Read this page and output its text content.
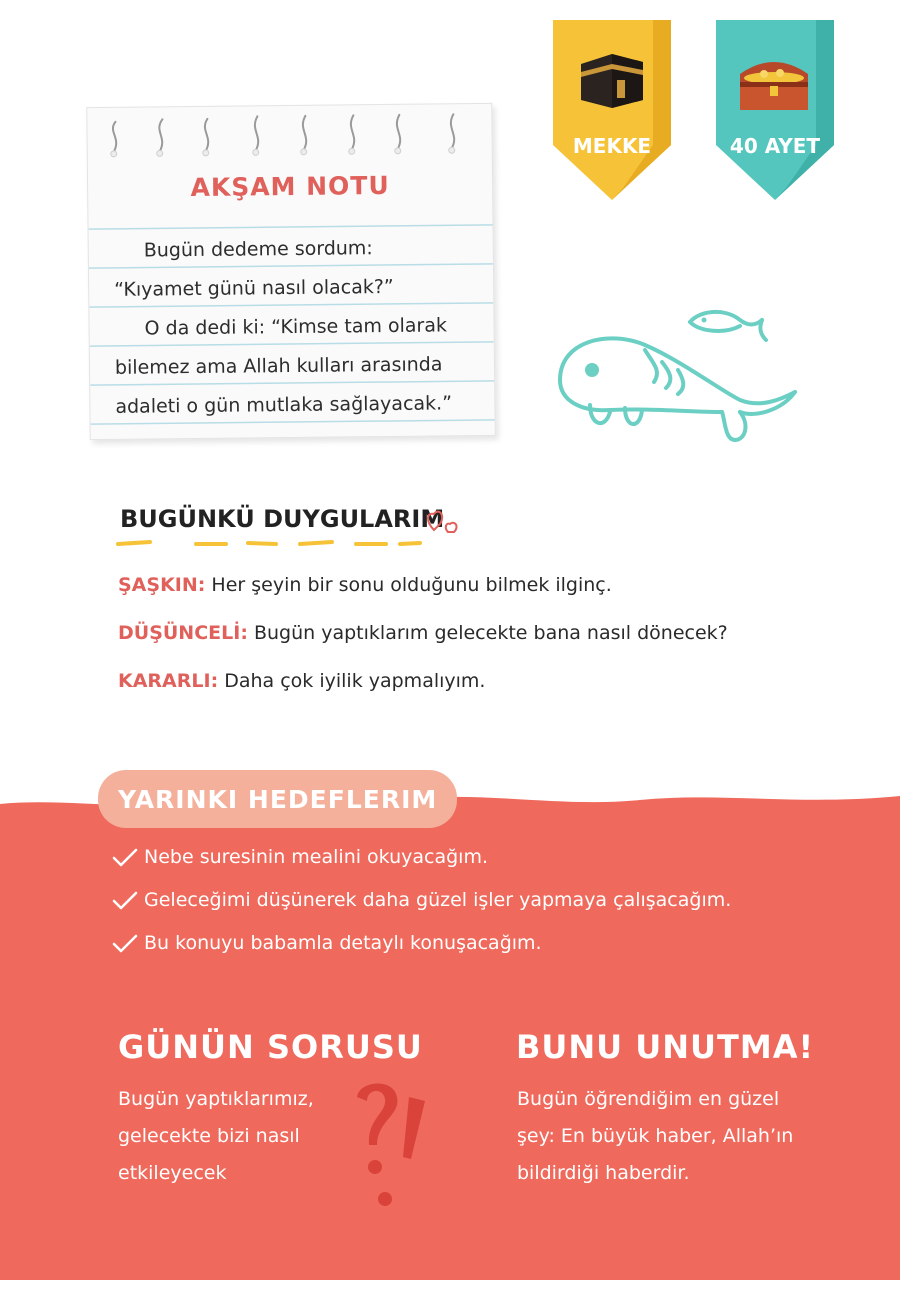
AKŞAM NOTU

Bugün dedeme sordum: “Kıyamet günü nasıl olacak?”

O da dedi ki: “Kimse tam olarak bilemez ama Allah kulları arasında adaleti o gün mutlaka sağlayacak.”

MEKKE	40 AYET
BUGÜNKÜ DUYGULARIM
ŞAŞKIN: Her şeyin bir sonu olduğunu bilmek ilginç.
DÜŞÜNCELİ: Bugün yaptıklarım gelecekte bana nasıl dönecek?
KARARLI: Daha çok iyilik yapmalıyım.
YARINKI HEDEFLERIM
Nebe suresinin mealini okuyacağım.
Geleceğimi düşünerek daha güzel işler yapmaya çalışacağım.
Bu konuyu babamla detaylı konuşacağım.
GÜNÜN SORUSU
Bugün yaptıklarımız,
gelecekte bizi nasıl
etkileyecek
BUNU UNUTMA!
Bugün öğrendiğim en güzel
şey: En büyük haber, Allah’ın
bildirdiği haberdir.
